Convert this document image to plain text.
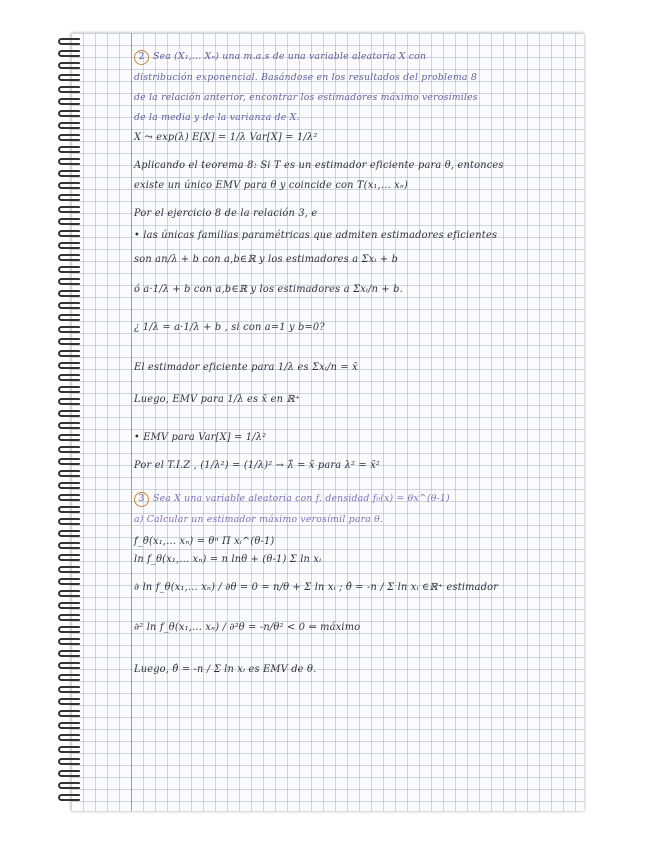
2 Sea (X₁,... Xₙ) una m.a.s de una variable aleatoria X con
distribución exponencial. Basándose en los resultados del problema 8
de la relación anterior, encontrar los estimadores máximo verosímiles
de la media y de la varianza de X.
X ⤳ exp(λ) E[X] = 1/λ Var[X] = 1/λ²
Aplicando el teorema 8: Si T es un estimador eficiente para θ, entonces
existe un único EMV para θ y coincide con T(x₁,... xₙ)
Por el ejercicio 8 de la relación 3, e
• las únicas familias paramétricas que admiten estimadores eficientes
son an/λ + b con a,b∈ℝ y los estimadores a Σxᵢ + b
ó a·1/λ + b con a,b∈ℝ y los estimadores a Σxᵢ/n + b.
¿ 1/λ = a·1/λ + b , si con a=1 y b=0?
El estimador eficiente para 1/λ es Σxᵢ/n = x̄
Luego, EMV para 1/λ es x̄ en ℝ⁺
• EMV para Var[X] = 1/λ²
Por el T.I.Z , (1/λ²) = (1/λ)² → λ̂ = x̄ para λ² = x̄²
3 Sea X una variable aleatoria con f. densidad f₀(x) = θx^(θ-1)
a) Calcular un estimador máximo verosímil para θ.
f_θ(x₁,... xₙ) = θⁿ Π xᵢ^(θ-1)
ln f_θ(x₁,... xₙ) = n lnθ + (θ-1) Σ ln xᵢ
∂ ln f_θ(x₁,... xₙ) / ∂θ = 0 = n/θ + Σ ln xᵢ ; θ̂ = -n / Σ ln xᵢ ∈ℝ⁺ estimador
∂² ln f_θ(x₁,... xₙ) / ∂²θ = -n/θ² < 0 ⇐ máximo
Luego, θ̂ = -n / Σ ln xᵢ es EMV de θ.
